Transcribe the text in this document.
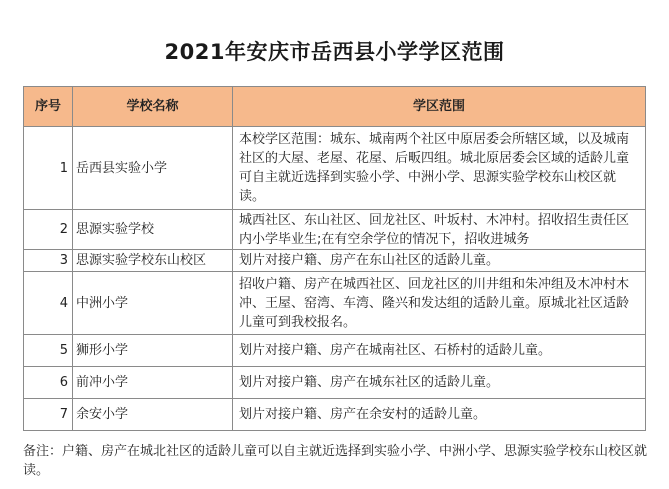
2021年安庆市岳西县小学学区范围
序号	学校名称	学区范围
1	岳西县实验小学	本校学区范围：城东、城南两个社区中原居委会所辖区域，以及城南社区的大屋、老屋、花屋、后畈四组。城北原居委会区域的适龄儿童可自主就近选择到实验小学、中洲小学、思源实验学校东山校区就读。
2	思源实验学校	城西社区、东山社区、回龙社区、叶坂村、木冲村。招收招生责任区内小学毕业生;在有空余学位的情况下，招收进城务
3	思源实验学校东山校区	划片对接户籍、房产在东山社区的适龄儿童。
4	中洲小学	招收户籍、房产在城西社区、回龙社区的川井组和朱冲组及木冲村木冲、王屋、窑湾、车湾、隆兴和发达组的适龄儿童。原城北社区适龄儿童可到我校报名。
5	狮形小学	划片对接户籍、房产在城南社区、石桥村的适龄儿童。
6	前冲小学	划片对接户籍、房产在城东社区的适龄儿童。
7	余安小学	划片对接户籍、房产在余安村的适龄儿童。
备注：户籍、房产在城北社区的适龄儿童可以自主就近选择到实验小学、中洲小学、思源实验学校东山校区就读。
